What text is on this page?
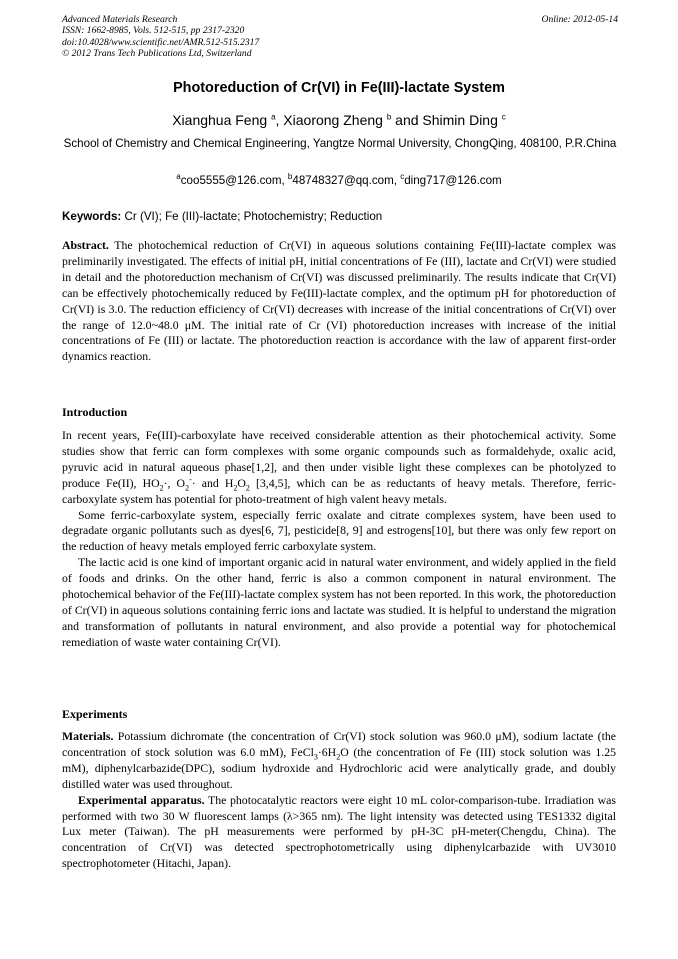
Advanced Materials Research
ISSN: 1662-8985, Vols. 512-515, pp 2317-2320
doi:10.4028/www.scientific.net/AMR.512-515.2317
© 2012 Trans Tech Publications Ltd, Switzerland
Online: 2012-05-14
Photoreduction of Cr(VI) in Fe(III)-lactate System
Xianghua Feng $^a$, Xiaorong Zheng $^b$ and Shimin Ding $^c$
School of Chemistry and Chemical Engineering, Yangtze Normal University, ChongQing, 408100, P.R.China
$^a$coo5555@126.com, $^b$48748327@qq.com, $^c$ding717@126.com
Keywords: Cr (VI); Fe (III)-lactate; Photochemistry; Reduction

Abstract. The photochemical reduction of Cr(VI) in aqueous solutions containing Fe(III)-lactate complex was preliminarily investigated. The effects of initial pH, initial concentrations of Fe (III), lactate and Cr(VI) were studied in detail and the photoreduction mechanism of Cr(VI) was discussed preliminarily. The results indicate that Cr(VI) can be effectively photochemically reduced by Fe(III)-lactate complex, and the optimum pH for photoreduction of Cr(VI) is 3.0. The reduction efficiency of Cr(VI) decreases with increase of the initial concentrations of Cr(VI) over the range of 12.0~48.0 μM. The initial rate of Cr (VI) photoreduction increases with increase of the initial concentrations of Fe (III) or lactate. The photoreduction reaction is accordance with the law of apparent first-order dynamics reaction.

Introduction

In recent years, Fe(III)-carboxylate have received considerable attention as their photochemical activity. Some studies show that ferric can form complexes with some organic compounds such as formaldehyde, oxalic acid, pyruvic acid in natural aqueous phase[1,2], and then under visible light these complexes can be photolyzed to produce Fe(II), $HO_2\cdot$, $O_2^-\cdot$ and $H_2O_2$ [3,4,5], which can be as reductants of heavy metals. Therefore, ferric-carboxylate system has potential for photo-treatment of high valent heavy metals.

Some ferric-carboxylate system, especially ferric oxalate and citrate complexes system, have been used to degradate organic pollutants such as dyes[6, 7], pesticide[8, 9] and estrogens[10], but there was only few report on the reduction of heavy metals employed ferric carboxylate system.

The lactic acid is one kind of important organic acid in natural water environment, and widely applied in the field of foods and drinks. On the other hand, ferric is also a common component in natural environment. The photochemical behavior of the Fe(III)-lactate complex system has not been reported. In this work, the photoreduction of Cr(VI) in aqueous solutions containing ferric ions and lactate was studied. It is helpful to understand the migration and transformation of pollutants in natural environment, and also provide a potential way for photochemical remediation of waste water containing Cr(VI).

Experiments

Materials. Potassium dichromate (the concentration of Cr(VI) stock solution was 960.0 μM), sodium lactate (the concentration of stock solution was 6.0 mM), $FeCl_3\cdot 6H_2O$ (the concentration of Fe (III) stock solution was 1.25 mM), diphenylcarbazide(DPC), sodium hydroxide and Hydrochloric acid were analytically grade, and doubly distilled water was used throughout.

Experimental apparatus. The photocatalytic reactors were eight 10 mL color-comparison-tube. Irradiation was performed with two 30 W fluorescent lamps (λ>365 nm). The light intensity was detected using TES1332 digital Lux meter (Taiwan). The pH measurements were performed by pH-3C pH-meter(Chengdu, China). The concentration of Cr(VI) was detected spectrophotometrically using diphenylcarbazide with UV3010 spectrophotometer (Hitachi, Japan).
